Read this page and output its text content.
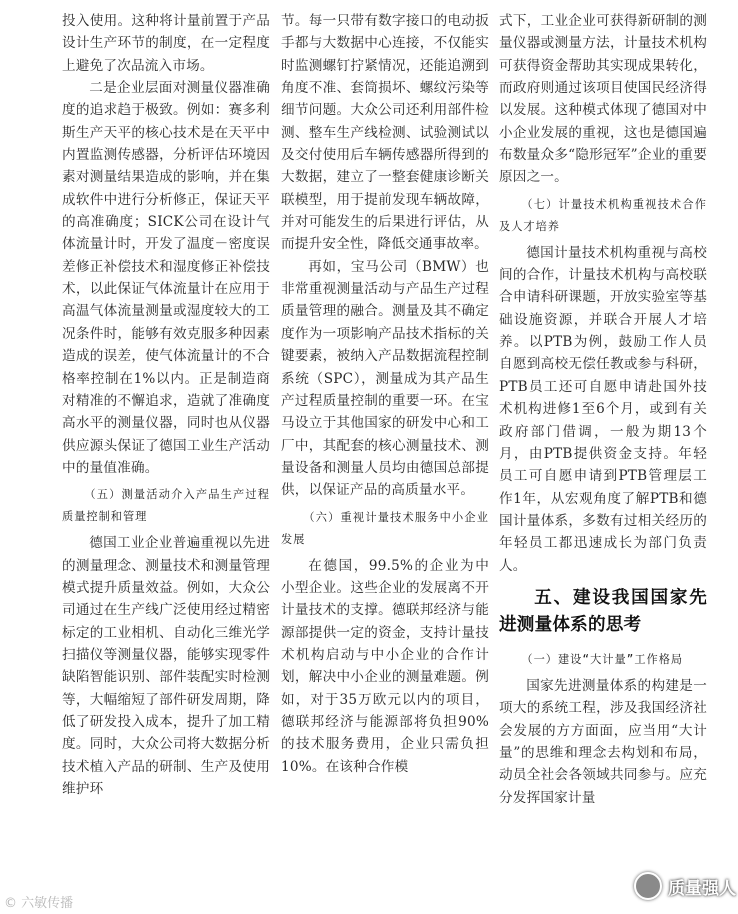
投入使用。这种将计量前置于产品设计生产环节的制度，在一定程度上避免了次品流入市场。

二是企业层面对测量仪器准确度的追求趋于极致。例如：赛多利斯生产天平的核心技术是在天平中内置监测传感器，分析评估环境因素对测量结果造成的影响，并在集成软件中进行分析修正，保证天平的高准确度；SICK公司在设计气体流量计时，开发了温度－密度误差修正补偿技术和湿度修正补偿技术，以此保证气体流量计在应用于高温气体流量测量或湿度较大的工况条件时，能够有效克服多种因素造成的误差，使气体流量计的不合格率控制在1%以内。正是制造商对精准的不懈追求，造就了准确度高水平的测量仪器，同时也从仪器供应源头保证了德国工业生产活动中的量值准确。

（五）测量活动介入产品生产过程质量控制和管理

德国工业企业普遍重视以先进的测量理念、测量技术和测量管理模式提升质量效益。例如，大众公司通过在生产线广泛使用经过精密标定的工业相机、自动化三维光学扫描仪等测量仪器，能够实现零件缺陷智能识别、部件装配实时检测等，大幅缩短了部件研发周期，降低了研发投入成本，提升了加工精度。同时，大众公司将大数据分析技术植入产品的研制、生产及使用维护环

节。每一只带有数字接口的电动扳手都与大数据中心连接，不仅能实时监测螺钉拧紧情况，还能追溯到角度不准、套筒损坏、螺纹污染等细节问题。大众公司还利用部件检测、整车生产线检测、试验测试以及交付使用后车辆传感器所得到的大数据，建立了一整套健康诊断关联模型，用于提前发现车辆故障，并对可能发生的后果进行评估，从而提升安全性，降低交通事故率。

再如，宝马公司（BMW）也非常重视测量活动与产品生产过程质量管理的融合。测量及其不确定度作为一项影响产品技术指标的关键要素，被纳入产品数据流程控制系统（SPC），测量成为其产品生产过程质量控制的重要一环。在宝马设立于其他国家的研发中心和工厂中，其配套的核心测量技术、测量设备和测量人员均由德国总部提供，以保证产品的高质量水平。

（六）重视计量技术服务中小企业发展

在德国，99.5%的企业为中小型企业。这些企业的发展离不开计量技术的支撑。德联邦经济与能源部提供一定的资金，支持计量技术机构启动与中小企业的合作计划，解决中小企业的测量难题。例如，对于35万欧元以内的项目，德联邦经济与能源部将负担90%的技术服务费用，企业只需负担10%。在该种合作模

式下，工业企业可获得新研制的测量仪器或测量方法，计量技术机构可获得资金帮助其实现成果转化，而政府则通过该项目使国民经济得以发展。这种模式体现了德国对中小企业发展的重视，这也是德国遍布数量众多“隐形冠军”企业的重要原因之一。

（七）计量技术机构重视技术合作及人才培养

德国计量技术机构重视与高校间的合作，计量技术机构与高校联合申请科研课题，开放实验室等基础设施资源，并联合开展人才培养。以PTB为例，鼓励工作人员自愿到高校无偿任教或参与科研，PTB员工还可自愿申请赴国外技术机构进修1至6个月，或到有关政府部门借调，一般为期13个月，由PTB提供资金支持。年轻员工可自愿申请到PTB管理层工作1年，从宏观角度了解PTB和德国计量体系，多数有过相关经历的年轻员工都迅速成长为部门负责人。

五、建设我国国家先进测量体系的思考
（一）建设“大计量”工作格局

国家先进测量体系的构建是一项大的系统工程，涉及我国经济社会发展的方方面面，应当用“大计量”的思维和理念去构划和布局，动员全社会各领域共同参与。应充分发挥国家计量

© 六敏传播
质量强人
